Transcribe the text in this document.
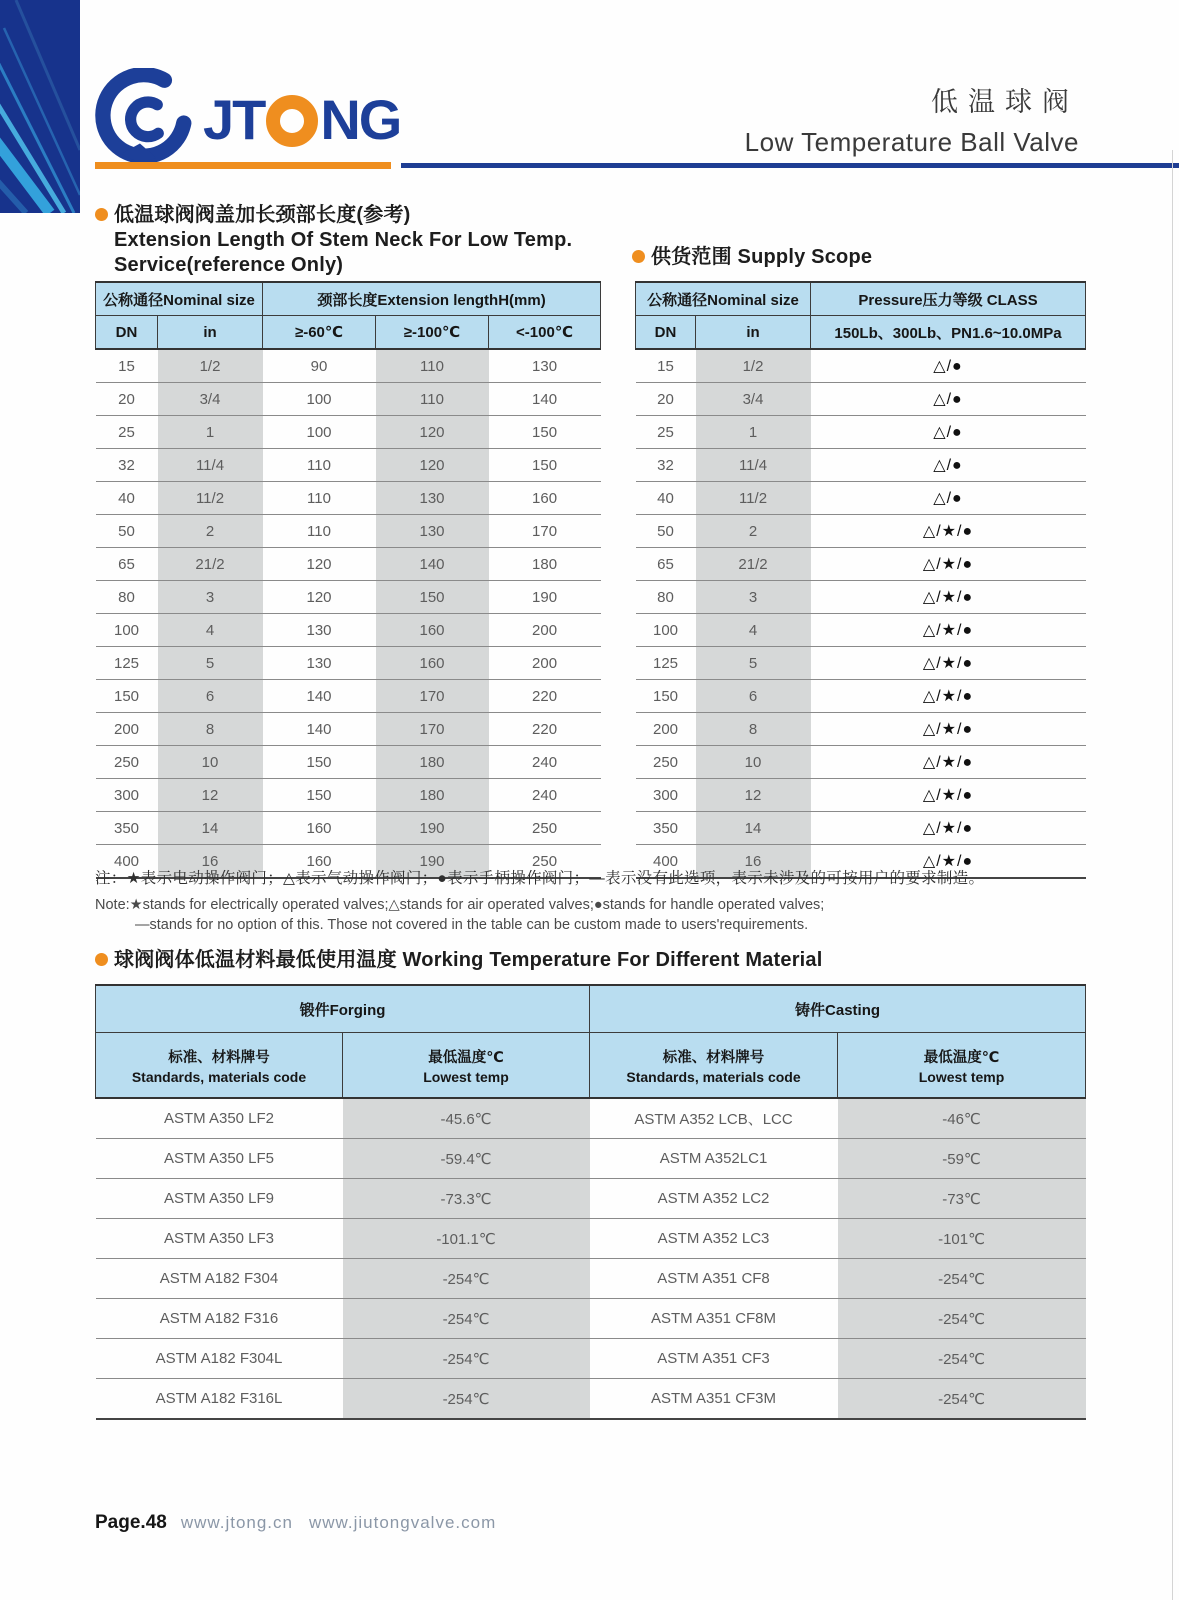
JT NG	低温球阀
Low Temperature Ball Valve
低温球阀阀盖加长颈部长度(参考)
Extension Length Of Stem Neck For Low Temp.
Service(reference Only)	供货范围 Supply Scope
公称通径Nominal size		颈部长度Extension lengthH(mm)		
DN	in	≥-60℃	≥-100℃	<-100℃
15	1/2	90	110	130
20	3/4	100	110	140
25	1	100	120	150
32	11/4	110	120	150
40	11/2	110	130	160
50	2	110	130	170
65	21/2	120	140	180
80	3	120	150	190
100	4	130	160	200
125	5	130	160	200
150	6	140	170	220
200	8	140	170	220
250	10	150	180	240
300	12	150	180	240
350	14	160	190	250
400	16	160	190	250
公称通径Nominal size		Pressure压力等级 CLASS
DN	in	150Lb、300Lb、PN1.6~10.0MPa
15	1/2	△/●
20	3/4	△/●
25	1	△/●
32	11/4	△/●
40	11/2	△/●
50	2	△/★/●
65	21/2	△/★/●
80	3	△/★/●
100	4	△/★/●
125	5	△/★/●
150	6	△/★/●
200	8	△/★/●
250	10	△/★/●
300	12	△/★/●
350	14	△/★/●
400	16	△/★/●
注：★表示电动操作阀门；△表示气动操作阀门；●表示手柄操作阀门；—表示没有此选项，表示未涉及的可按用户的要求制造。
Note:★stands for electrically operated valves;△stands for air operated valves;●stands for handle operated valves;
—stands for no option of this. Those not covered in the table can be custom made to users'requirements.
球阀阀体低温材料最低使用温度 Working Temperature For Different Material
锻件Forging		铸件Casting	

标准、材料牌号
Standards, materials code

最低温度℃
Lowest temp

标准、材料牌号
Standards, materials code

最低温度℃
Lowest temp

ASTM A350 LF2	-45.6℃	ASTM A352 LCB、LCC	-46℃
ASTM A350 LF5	-59.4℃	ASTM A352LC1	-59℃
ASTM A350 LF9	-73.3℃	ASTM A352 LC2	-73℃
ASTM A350 LF3	-101.1℃	ASTM A352 LC3	-101℃
ASTM A182 F304	-254℃	ASTM A351 CF8	-254℃
ASTM A182 F316	-254℃	ASTM A351 CF8M	-254℃
ASTM A182 F304L	-254℃	ASTM A351 CF3	-254℃
ASTM A182 F316L	-254℃	ASTM A351 CF3M	-254℃
Page.48 www.jtong.cn www.jiutongvalve.com
